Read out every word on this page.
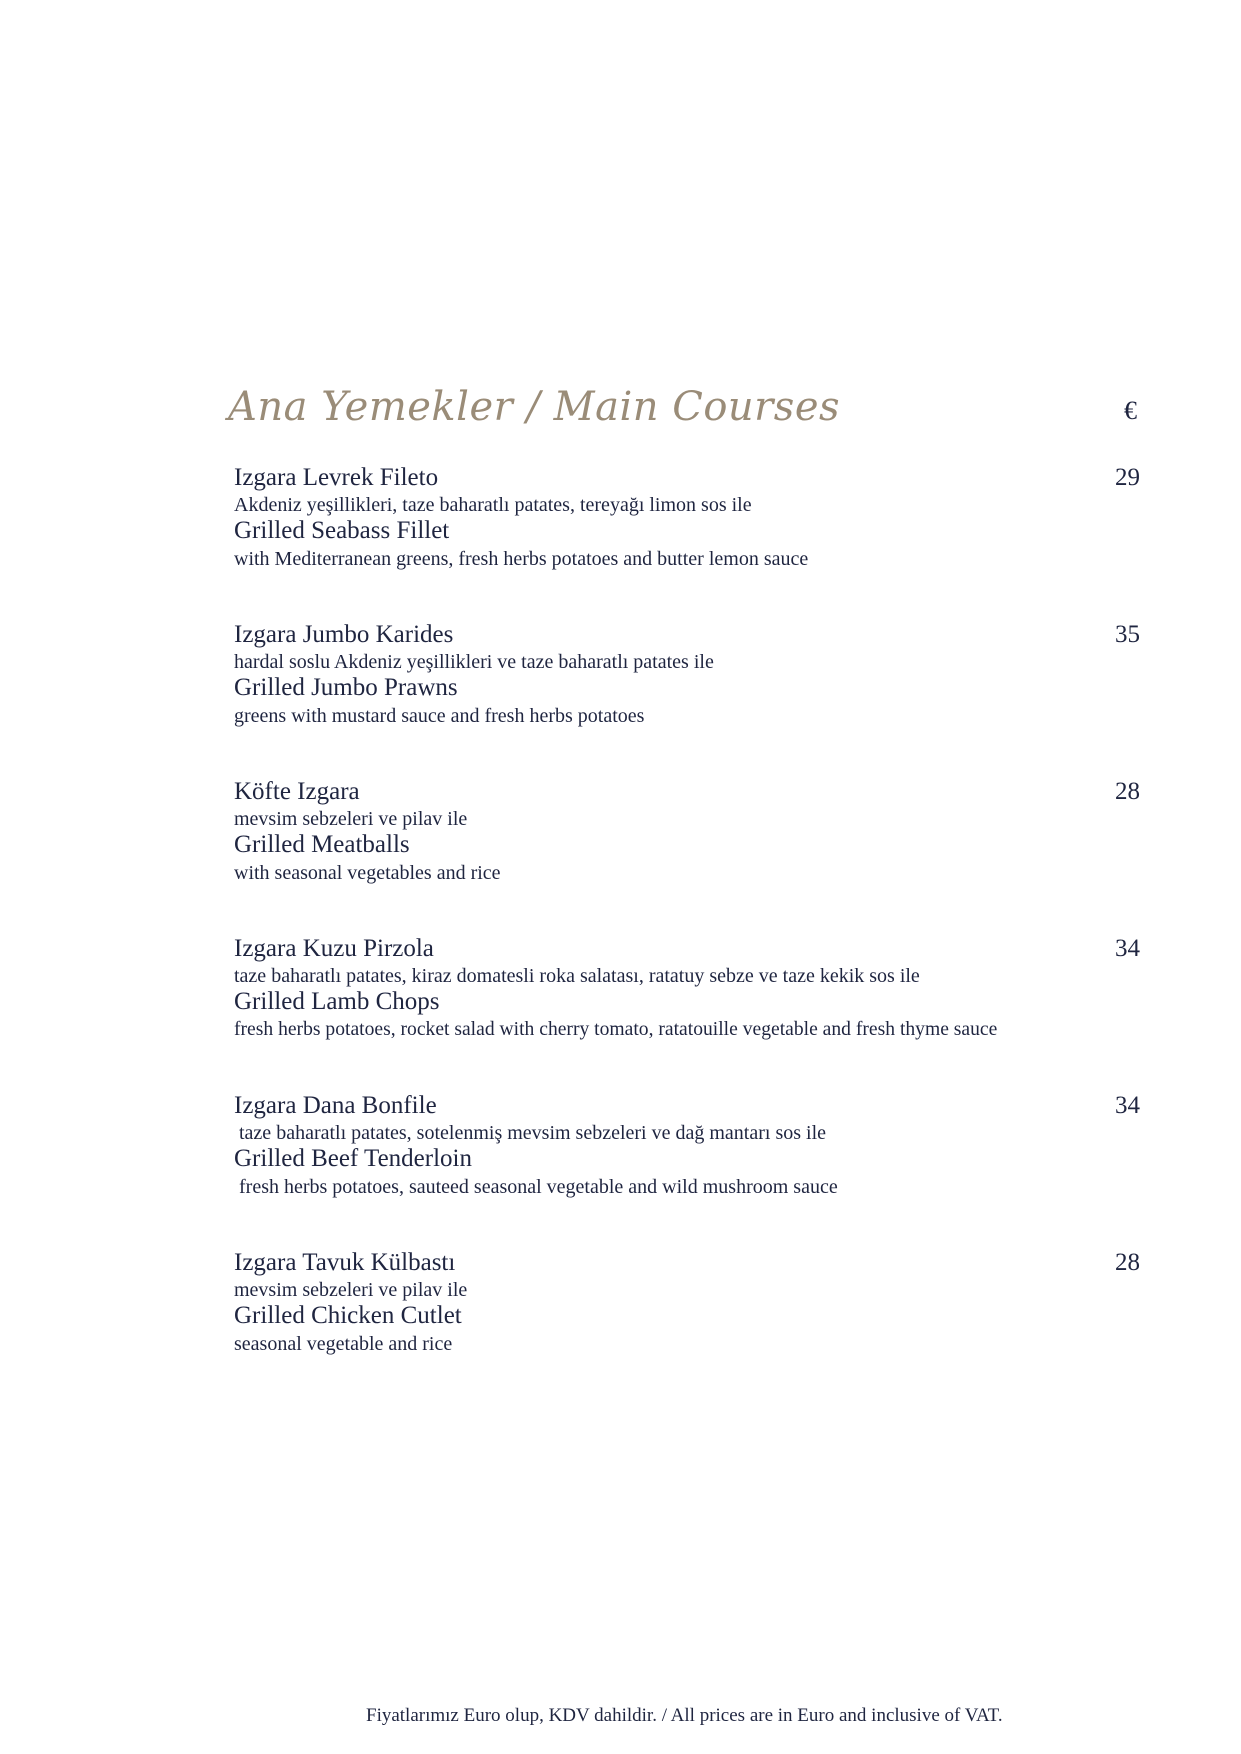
Ana Yemekler / Main Courses	€
Izgara Levrek Fileto	29
Akdeniz yeşillikleri, taze baharatlı patates, tereyağı limon sos ile
Grilled Seabass Fillet
with Mediterranean greens, fresh herbs potatoes and butter lemon sauce
Izgara Jumbo Karides	35
hardal soslu Akdeniz yeşillikleri ve taze baharatlı patates ile
Grilled Jumbo Prawns
greens with mustard sauce and fresh herbs potatoes
Köfte Izgara	28
mevsim sebzeleri ve pilav ile
Grilled Meatballs
with seasonal vegetables and rice
Izgara Kuzu Pirzola	34
taze baharatlı patates, kiraz domatesli roka salatası, ratatuy sebze ve taze kekik sos ile
Grilled Lamb Chops
fresh herbs potatoes, rocket salad with cherry tomato, ratatouille vegetable and fresh thyme sauce
Izgara Dana Bonfile	34
taze baharatlı patates, sotelenmiş mevsim sebzeleri ve dağ mantarı sos ile
Grilled Beef Tenderloin
fresh herbs potatoes, sauteed seasonal vegetable and wild mushroom sauce
Izgara Tavuk Külbastı	28
mevsim sebzeleri ve pilav ile
Grilled Chicken Cutlet
seasonal vegetable and rice
Fiyatlarımız Euro olup, KDV dahildir. / All prices are in Euro and inclusive of VAT.
